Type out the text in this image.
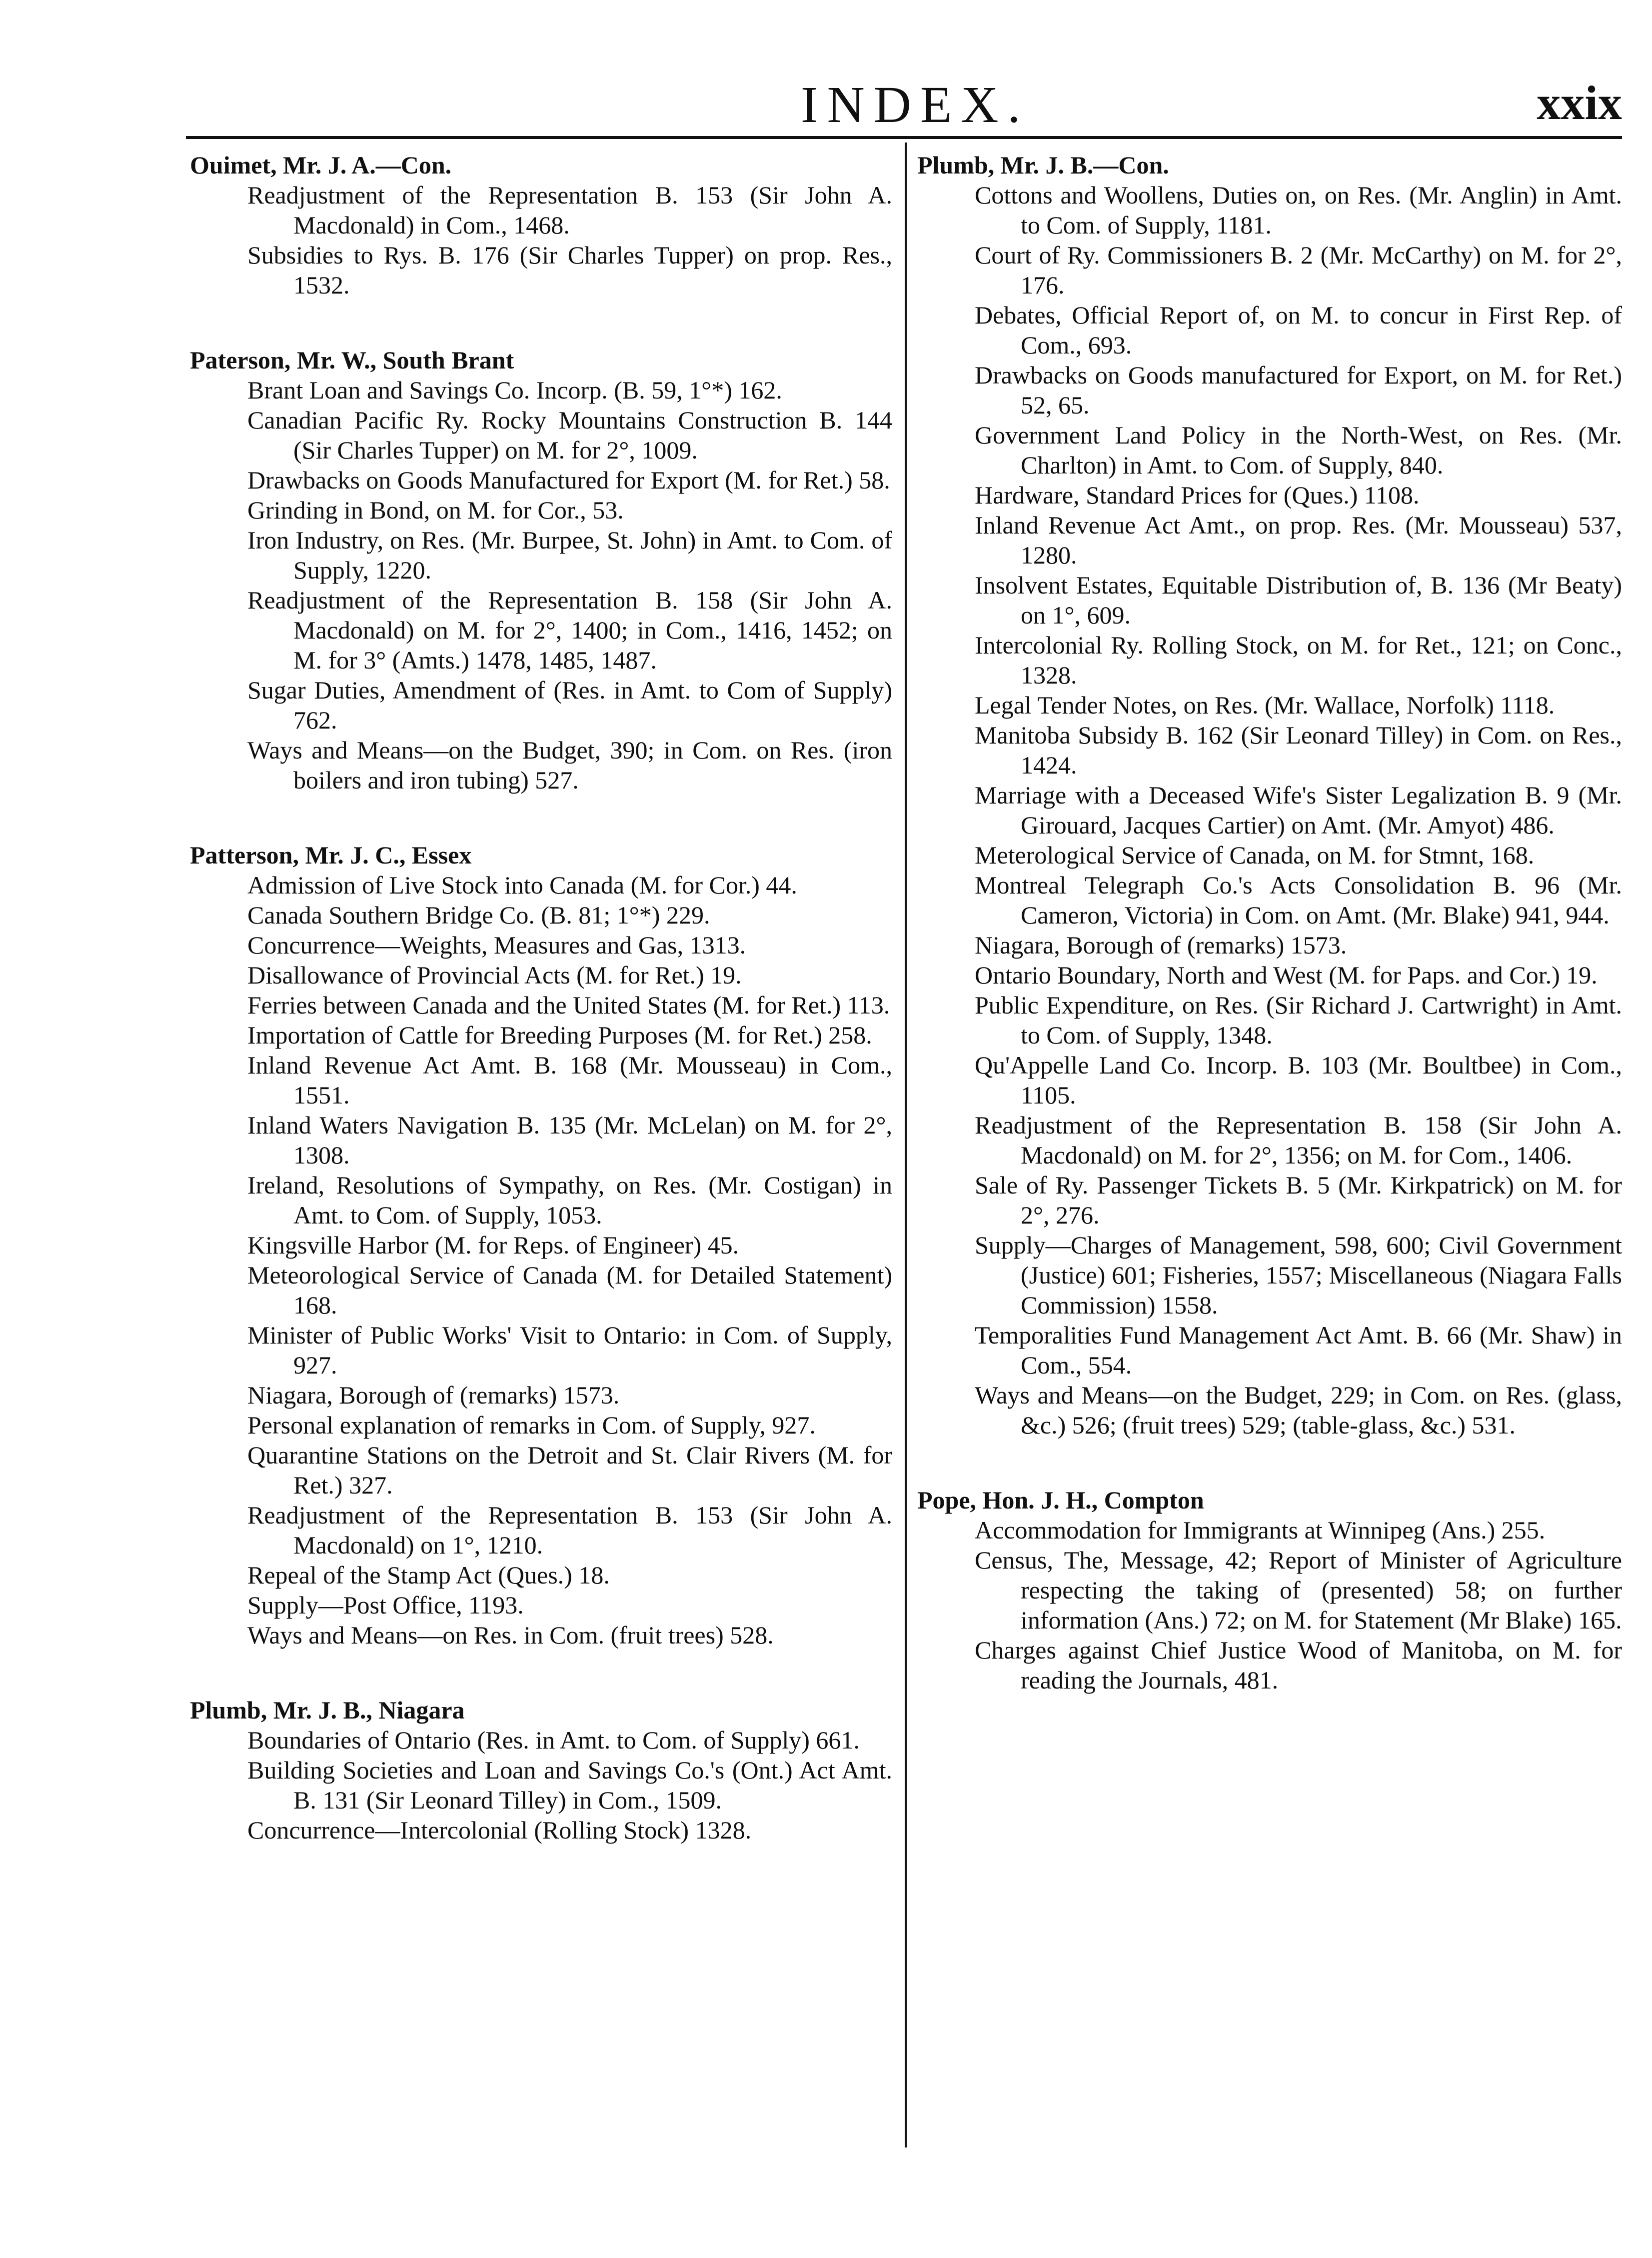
INDEX.	xxix
Ouimet, Mr. J. A.—Con.
Readjustment of the Representation B. 153 (Sir John A. Macdonald) in Com., 1468.
Subsidies to Rys. B. 176 (Sir Charles Tupper) on prop. Res., 1532.
Paterson, Mr. W., South Brant
Brant Loan and Savings Co. Incorp. (B. 59, 1°*) 162.
Canadian Pacific Ry. Rocky Mountains Construction B. 144 (Sir Charles Tupper) on M. for 2°, 1009.
Drawbacks on Goods Manufactured for Export (M. for Ret.) 58.
Grinding in Bond, on M. for Cor., 53.
Iron Industry, on Res. (Mr. Burpee, St. John) in Amt. to Com. of Supply, 1220.
Readjustment of the Representation B. 158 (Sir John A. Macdonald) on M. for 2°, 1400; in Com., 1416, 1452; on M. for 3° (Amts.) 1478, 1485, 1487.
Sugar Duties, Amendment of (Res. in Amt. to Com of Supply) 762.
Ways and Means—on the Budget, 390; in Com. on Res. (iron boilers and iron tubing) 527.
Patterson, Mr. J. C., Essex
Admission of Live Stock into Canada (M. for Cor.) 44.
Canada Southern Bridge Co. (B. 81; 1°*) 229.
Concurrence—Weights, Measures and Gas, 1313.
Disallowance of Provincial Acts (M. for Ret.) 19.
Ferries between Canada and the United States (M. for Ret.) 113.
Importation of Cattle for Breeding Purposes (M. for Ret.) 258.
Inland Revenue Act Amt. B. 168 (Mr. Mousseau) in Com., 1551.
Inland Waters Navigation B. 135 (Mr. McLelan) on M. for 2°, 1308.
Ireland, Resolutions of Sympathy, on Res. (Mr. Costigan) in Amt. to Com. of Supply, 1053.
Kingsville Harbor (M. for Reps. of Engineer) 45.
Meteorological Service of Canada (M. for Detailed Statement) 168.
Minister of Public Works' Visit to Ontario: in Com. of Supply, 927.
Niagara, Borough of (remarks) 1573.
Personal explanation of remarks in Com. of Supply, 927.
Quarantine Stations on the Detroit and St. Clair Rivers (M. for Ret.) 327.
Readjustment of the Representation B. 153 (Sir John A. Macdonald) on 1°, 1210.
Repeal of the Stamp Act (Ques.) 18.
Supply—Post Office, 1193.
Ways and Means—on Res. in Com. (fruit trees) 528.
Plumb, Mr. J. B., Niagara
Boundaries of Ontario (Res. in Amt. to Com. of Supply) 661.
Building Societies and Loan and Savings Co.'s (Ont.) Act Amt. B. 131 (Sir Leonard Tilley) in Com., 1509.
Concurrence—Intercolonial (Rolling Stock) 1328.
Plumb, Mr. J. B.—Con.
Cottons and Woollens, Duties on, on Res. (Mr. Anglin) in Amt. to Com. of Supply, 1181.
Court of Ry. Commissioners B. 2 (Mr. McCarthy) on M. for 2°, 176.
Debates, Official Report of, on M. to concur in First Rep. of Com., 693.
Drawbacks on Goods manufactured for Export, on M. for Ret.) 52, 65.
Government Land Policy in the North-West, on Res. (Mr. Charlton) in Amt. to Com. of Supply, 840.
Hardware, Standard Prices for (Ques.) 1108.
Inland Revenue Act Amt., on prop. Res. (Mr. Mousseau) 537, 1280.
Insolvent Estates, Equitable Distribution of, B. 136 (Mr Beaty) on 1°, 609.
Intercolonial Ry. Rolling Stock, on M. for Ret., 121; on Conc., 1328.
Legal Tender Notes, on Res. (Mr. Wallace, Norfolk) 1118.
Manitoba Subsidy B. 162 (Sir Leonard Tilley) in Com. on Res., 1424.
Marriage with a Deceased Wife's Sister Legalization B. 9 (Mr. Girouard, Jacques Cartier) on Amt. (Mr. Amyot) 486.
Meterological Service of Canada, on M. for Stmnt, 168.
Montreal Telegraph Co.'s Acts Consolidation B. 96 (Mr. Cameron, Victoria) in Com. on Amt. (Mr. Blake) 941, 944.
Niagara, Borough of (remarks) 1573.
Ontario Boundary, North and West (M. for Paps. and Cor.) 19.
Public Expenditure, on Res. (Sir Richard J. Cartwright) in Amt. to Com. of Supply, 1348.
Qu'Appelle Land Co. Incorp. B. 103 (Mr. Boultbee) in Com., 1105.
Readjustment of the Representation B. 158 (Sir John A. Macdonald) on M. for 2°, 1356; on M. for Com., 1406.
Sale of Ry. Passenger Tickets B. 5 (Mr. Kirkpatrick) on M. for 2°, 276.
Supply—Charges of Management, 598, 600; Civil Government (Justice) 601; Fisheries, 1557; Miscellaneous (Niagara Falls Commission) 1558.
Temporalities Fund Management Act Amt. B. 66 (Mr. Shaw) in Com., 554.
Ways and Means—on the Budget, 229; in Com. on Res. (glass, &c.) 526; (fruit trees) 529; (table-glass, &c.) 531.
Pope, Hon. J. H., Compton
Accommodation for Immigrants at Winnipeg (Ans.) 255.
Census, The, Message, 42; Report of Minister of Agriculture respecting the taking of (presented) 58; on further information (Ans.) 72; on M. for Statement (Mr Blake) 165.
Charges against Chief Justice Wood of Manitoba, on M. for reading the Journals, 481.
